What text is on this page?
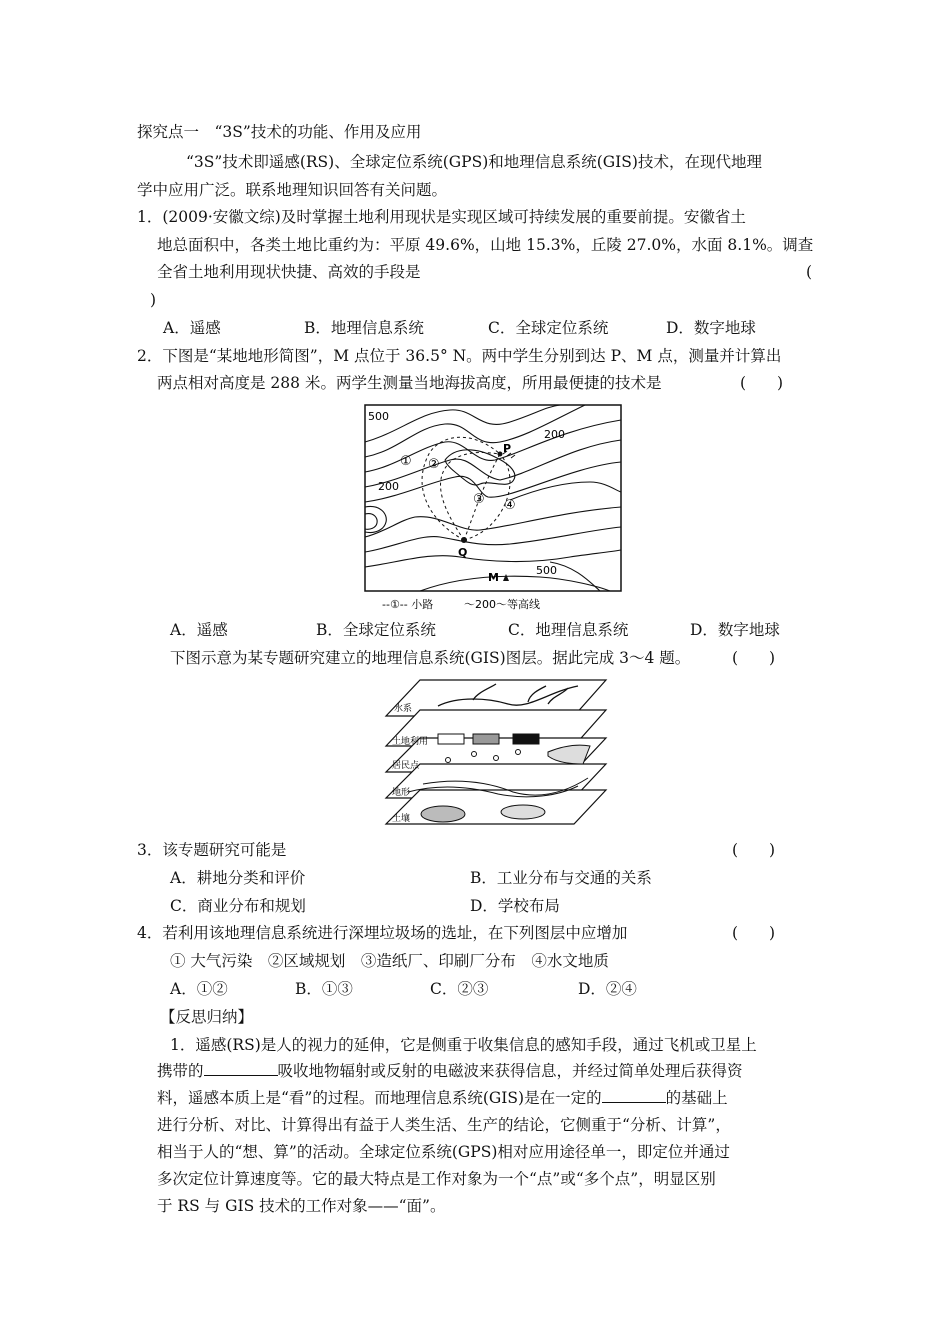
探究点一　“3S”技术的功能、作用及应用
“3S”技术即遥感(RS)、全球定位系统(GPS)和地理信息系统(GIS)技术，在现代地理
学中应用广泛。联系地理知识回答有关问题。
1．(2009·安徽文综)及时掌握土地利用现状是实现区域可持续发展的重要前提。安徽省土
地总面积中，各类土地比重约为：平原 49.6%，山地 15.3%，丘陵 27.0%，水面 8.1%。调查
全省土地利用现状快捷、高效的手段是	(
)
A．遥感	B．地理信息系统	C．全球定位系统	D．数字地球
2．下图是“某地地形简图”，M 点位于 36.5° N。两中学生分别到达 P、M 点，测量并计算出
两点相对高度是 288 米。两学生测量当地海拔高度，所用最便捷的技术是	(　　)
500
200
200
500
P
Q
M
① ②
③ ④
--①-- 小路	～200～等高线
A．遥感	B．全球定位系统	C．地理信息系统	D．数字地球
下图示意为某专题研究建立的地理信息系统(GIS)图层。据此完成 3～4 题。	(　　)
水系
土地利用
居民点
地形
土壤
3．该专题研究可能是	(　　)
A．耕地分类和评价	B．工业分布与交通的关系
C．商业分布和规划	D．学校布局
4．若利用该地理信息系统进行深埋垃圾场的选址，在下列图层中应增加	(　　)
① 大气污染　②区域规划　③造纸厂、印刷厂分布　④水文地质
A．①②	B．①③	C．②③	D．②④
【反思归纳】
1．遥感(RS)是人的视力的延伸，它是侧重于收集信息的感知手段，通过飞机或卫星上
携带的	吸收地物辐射或反射的电磁波来获得信息，并经过简单处理后获得资
料，遥感本质上是“看”的过程。而地理信息系统(GIS)是在一定的	的基础上
进行分析、对比、计算得出有益于人类生活、生产的结论，它侧重于“分析、计算”，
相当于人的“想、算”的活动。全球定位系统(GPS)相对应用途径单一，即定位并通过
多次定位计算速度等。它的最大特点是工作对象为一个“点”或“多个点”，明显区别
于 RS 与 GIS 技术的工作对象——“面”。
